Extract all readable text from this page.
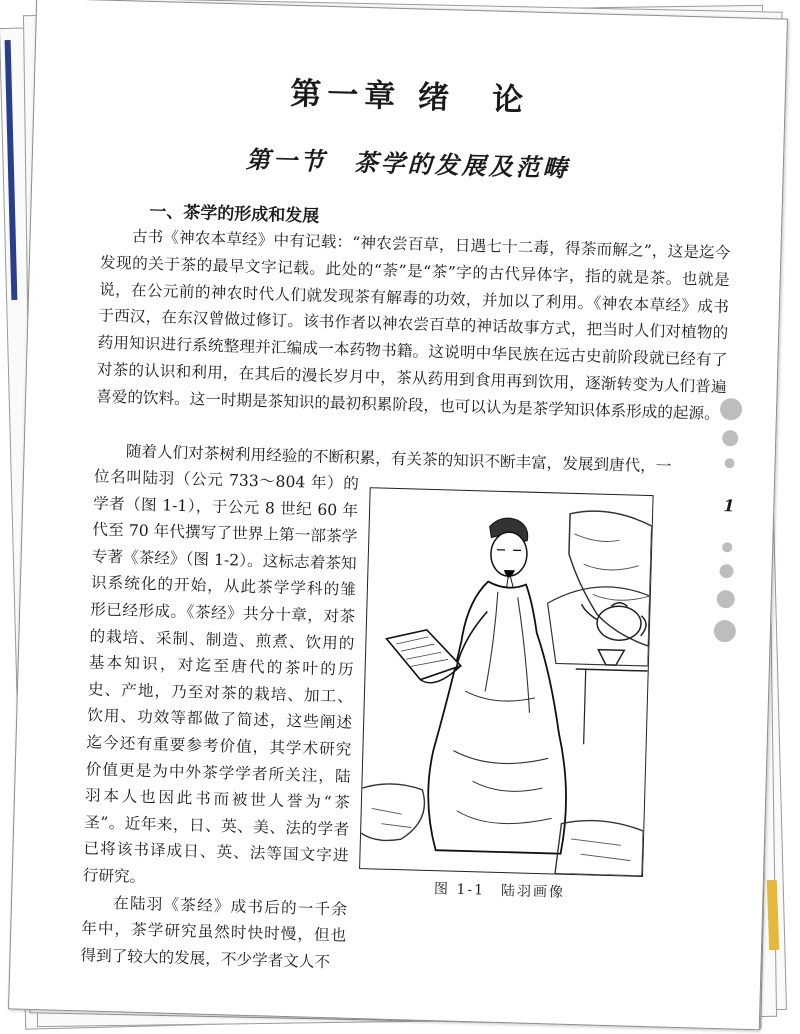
第一章 绪　论
第一节　茶学的发展及范畴
一、茶学的形成和发展

古书《神农本草经》中有记载：“神农尝百草，日遇七十二毒，得荼而解之”，这是迄今发现的关于茶的最早文字记载。此处的“荼”是“茶”字的古代异体字，指的就是茶。也就是说，在公元前的神农时代人们就发现茶有解毒的功效，并加以了利用。《神农本草经》成书于西汉，在东汉曾做过修订。该书作者以神农尝百草的神话故事方式，把当时人们对植物的药用知识进行系统整理并汇编成一本药物书籍。这说明中华民族在远古史前阶段就已经有了对茶的认识和利用，在其后的漫长岁月中，茶从药用到食用再到饮用，逐渐转变为人们普遍喜爱的饮料。这一时期是茶知识的最初积累阶段，也可以认为是茶学知识体系形成的起源。

随着人们对茶树利用经验的不断积累，有关茶的知识不断丰富，发展到唐代，一

位名叫陆羽（公元 733～804 年）的学者（图 1-1），于公元 8 世纪 60 年代至 70 年代撰写了世界上第一部茶学专著《茶经》（图 1-2）。这标志着茶知识系统化的开始，从此茶学学科的雏形已经形成。《茶经》共分十章，对茶的栽培、采制、制造、煎煮、饮用的基本知识，对迄至唐代的茶叶的历史、产地，乃至对茶的栽培、加工、饮用、功效等都做了简述，这些阐述迄今还有重要参考价值，其学术研究价值更是为中外茶学学者所关注，陆羽本人也因此书而被世人誉为“茶圣”。近年来，日、英、美、法的学者已将该书译成日、英、法等国文字进行研究。

在陆羽《茶经》成书后的一千余年中，茶学研究虽然时快时慢，但也得到了较大的发展，不少学者文人不

图 1-1　陆羽画像
1
